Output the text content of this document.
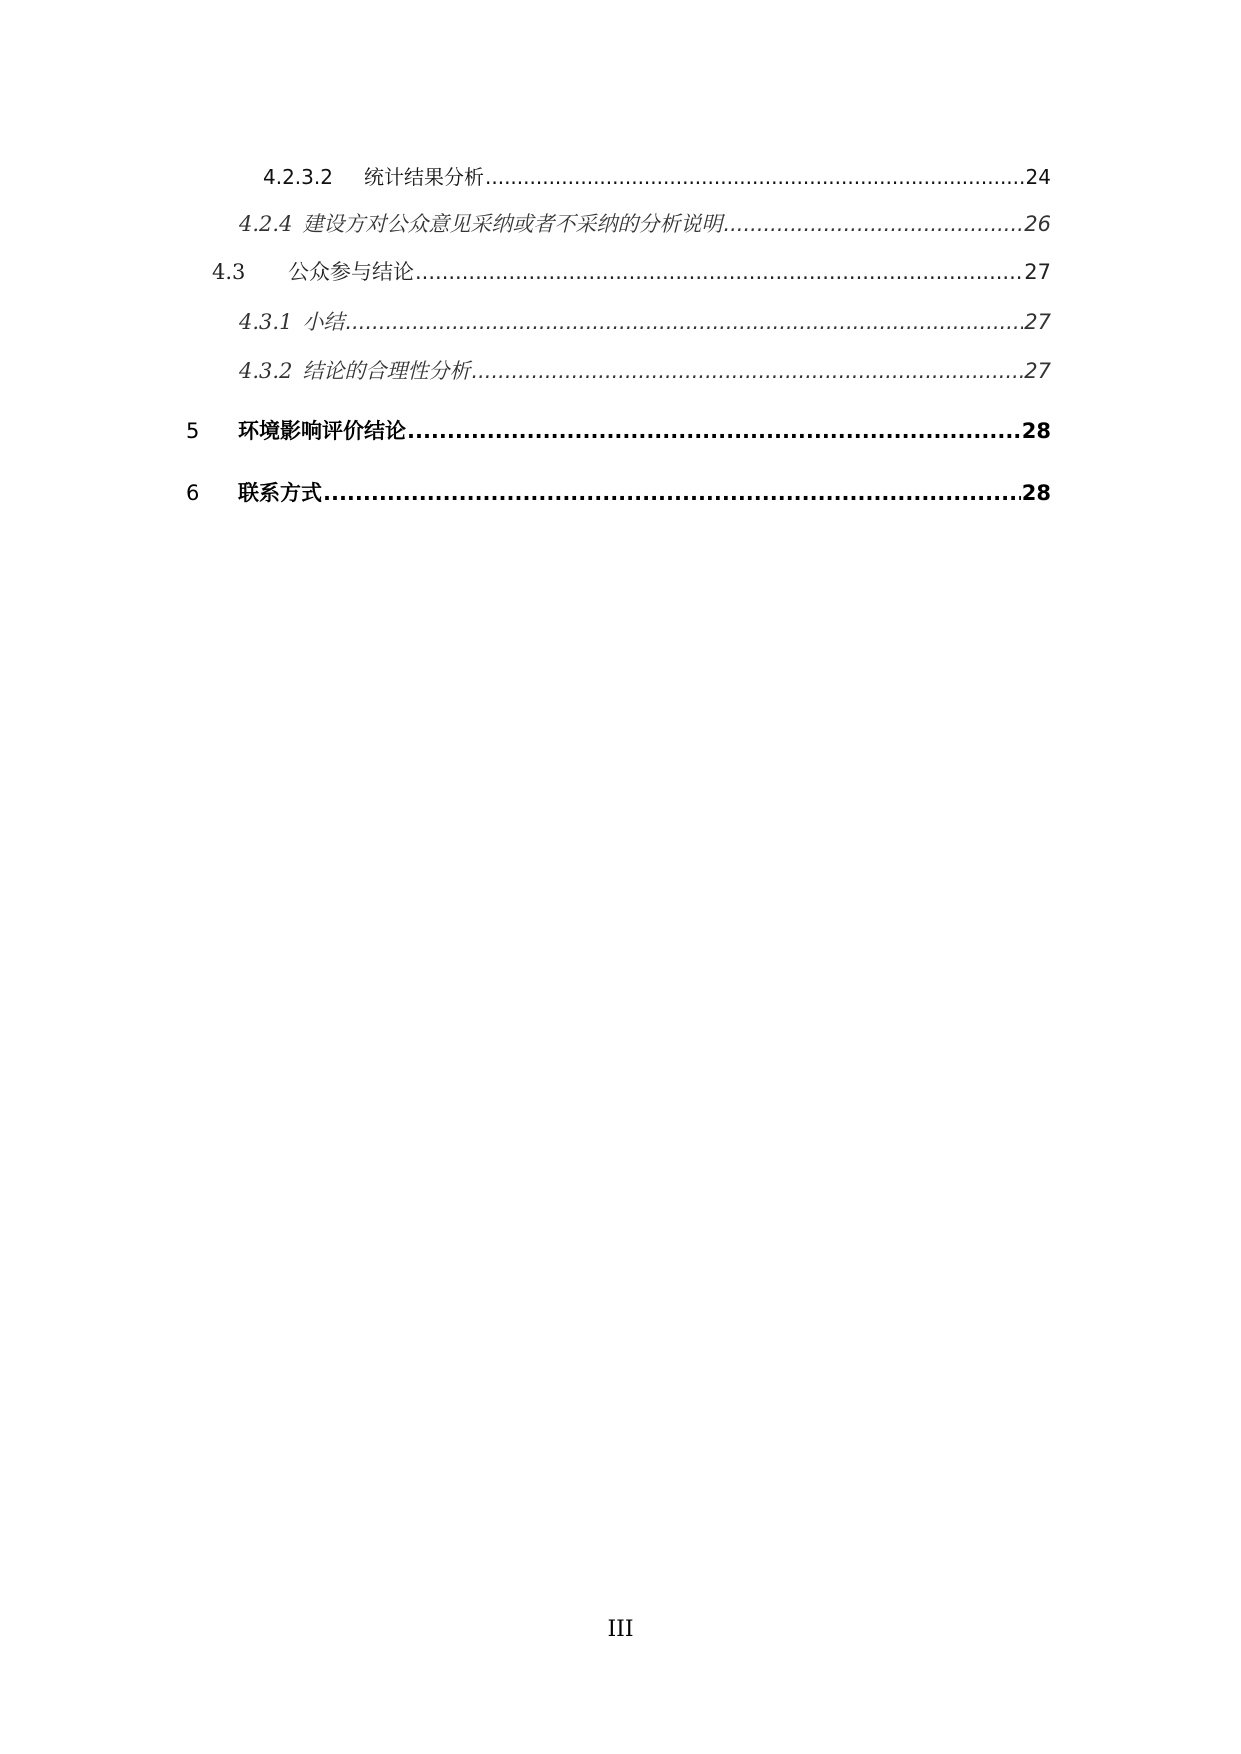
4.2.3.2	统计结果分析 .....	24
4.2.4 建设方对公众意见采纳或者不采纳的分析说明 .....	26
4.3	公众参与结论 .....	27
4.3.1 小结 .....	27
4.3.2 结论的合理性分析 .....	27
5	环境影响评价结论 .....	28
6	联系方式 .....	28
III
